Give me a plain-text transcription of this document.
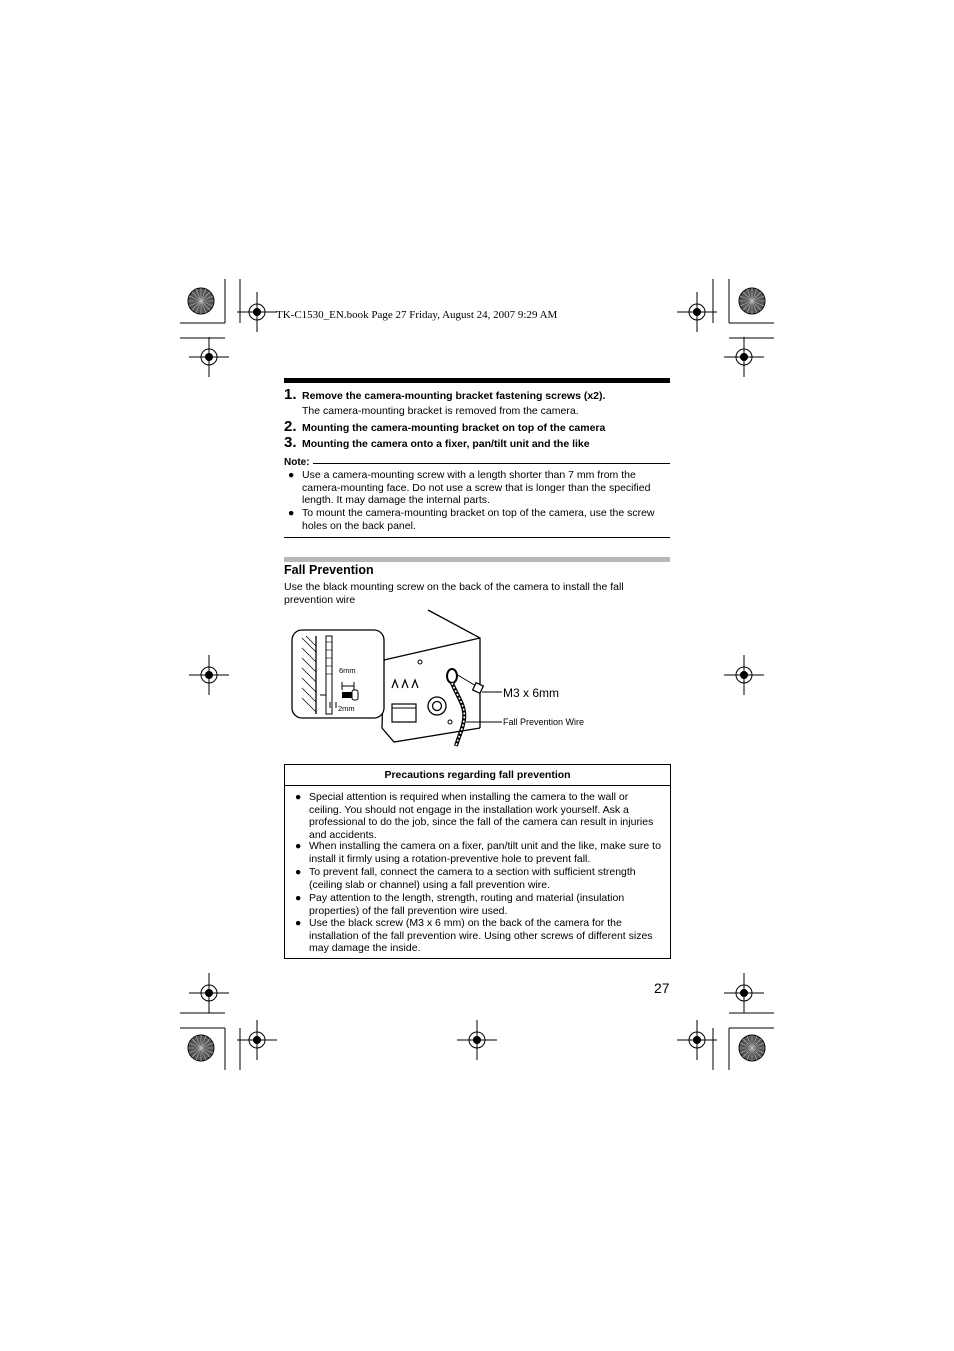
TK-C1530_EN.book Page 27 Friday, August 24, 2007 9:29 AM
1. Remove the camera-mounting bracket fastening screws (x2).
The camera-mounting bracket is removed from the camera.
2. Mounting the camera-mounting bracket on top of the camera
3. Mounting the camera onto a fixer, pan/tilt unit and the like
Note:
● Use a camera-mounting screw with a length shorter than 7 mm from the camera-mounting face. Do not use a screw that is longer than the specified length. It may damage the internal parts.
● To mount the camera-mounting bracket on top of the camera, use the screw holes on the back panel.
Fall Prevention
Use the black mounting screw on the back of the camera to install the fall prevention wire
6mm
2mm
M3 x 6mm
Fall Prevention Wire
Precautions regarding fall prevention
● Special attention is required when installing the camera to the wall or ceiling. You should not engage in the installation work yourself. Ask a professional to do the job, since the fall of the camera can result in injuries and accidents.
● When installing the camera on a fixer, pan/tilt unit and the like, make sure to install it firmly using a rotation-preventive hole to prevent fall.
● To prevent fall, connect the camera to a section with sufficient strength (ceiling slab or channel) using a fall prevention wire.
● Pay attention to the length, strength, routing and material (insulation properties) of the fall prevention wire used.
● Use the black screw (M3 x 6 mm) on the back of the camera for the installation of the fall prevention wire. Using other screws of different sizes may damage the inside.
27
